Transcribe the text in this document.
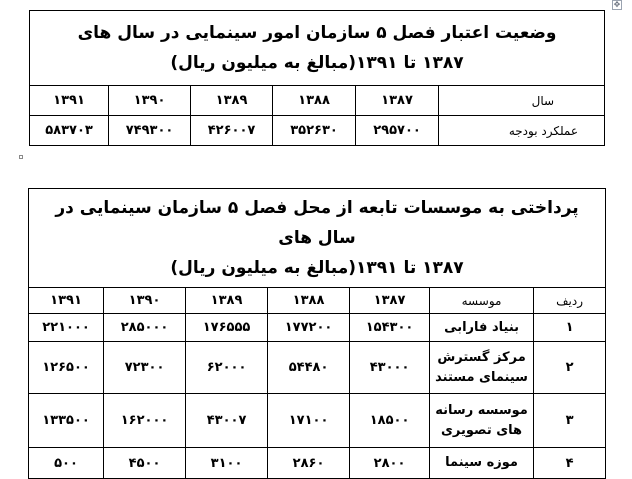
✥
وضعیت اعتبار فصل ۵ سازمان امور سینمایی در سال های
۱۳۸۷ تا ۱۳۹۱(مبالغ به میلیون ریال)					

سال	۱۳۸۷	۱۳۸۸	۱۳۸۹	۱۳۹۰	۱۳۹۱
عملکرد بودجه	۲۹۵۷۰۰	۳۵۲۶۳۰	۴۲۶۰۰۷	۷۴۹۳۰۰	۵۸۳۷۰۳
پرداختی به موسسات تابعه از محل فصل ۵ سازمان سینمایی در سال های
۱۳۸۷ تا ۱۳۹۱(مبالغ به میلیون ریال)						

ردیف	موسسه	۱۳۸۷	۱۳۸۸	۱۳۸۹	۱۳۹۰	۱۳۹۱
۱	بنیاد فارابی	۱۵۴۳۰۰	۱۷۷۲۰۰	۱۷۶۵۵۵	۲۸۵۰۰۰	۲۲۱۰۰۰
۲	مرکز گسترش سینمای مستند	۴۳۰۰۰	۵۴۴۸۰	۶۲۰۰۰	۷۲۳۰۰	۱۲۶۵۰۰
۳	موسسه رسانه های تصویری	۱۸۵۰۰	۱۷۱۰۰	۴۳۰۰۷	۱۶۲۰۰۰	۱۳۳۵۰۰
۴	موزه سینما	۲۸۰۰	۲۸۶۰	۳۱۰۰	۴۵۰۰	۵۰۰
